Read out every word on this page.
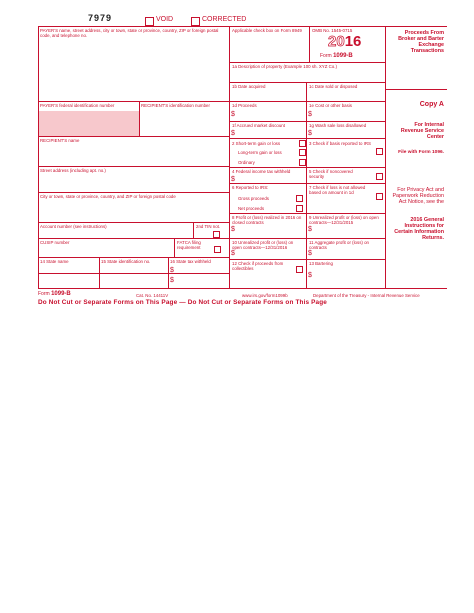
7979	VOID	CORRECTED
PAYER'S name, street address, city or town, state or province, country, ZIP or foreign postal code, and telephone no.
PAYER'S federal identification number	RECIPIENT'S identification number
RECIPIENT'S name
Street address (including apt. no.)
City or town, state or province, country, and ZIP or foreign postal code
Account number (see instructions)	2nd TIN not.
CUSIP number	FATCA filing requirement
14 State name	15 State identification no.	16 State tax withheld
$
$
Applicable check box on Form 8949 OMB No. 1545-0715
2016
Form 1099-B
Proceeds From Broker and Barter Exchange Transactions
1a Description of property (Example 100 sh. XYZ Co.)
1b Date acquired	1c Date sold or disposed
1d Proceeds	1e Cost or other basis
$	$
1f Accrued market discount	1g Wash sale loss disallowed
$	$
2 Short-term gain or loss
Long-term gain or loss
Ordinary
3 Check if basis reported to IRS
4 Federal income tax withheld
$
5 Check if noncovered security
6 Reported to IRS:
Gross proceeds
Net proceeds
7 Check if loss is not allowed based on amount in 1d
8 Profit or (loss) realized in 2016 on closed contracts
$
9 Unrealized profit or (loss) on open contracts—12/31/2015
$
10 Unrealized profit or (loss) on open contracts—12/31/2016
$
11 Aggregate profit or (loss) on contracts
$
12 Check if proceeds from collectibles
13 Bartering
$
Copy A
For Internal Revenue Service Center
File with Form 1096.
For Privacy Act and Paperwork Reduction Act Notice, see the
2016 General Instructions for Certain Information Returns.
Form 1099-B	Cat. No. 14411V	www.irs.gov/form1099b	Department of the Treasury - Internal Revenue Service
Do Not Cut or Separate Forms on This Page — Do Not Cut or Separate Forms on This Page
